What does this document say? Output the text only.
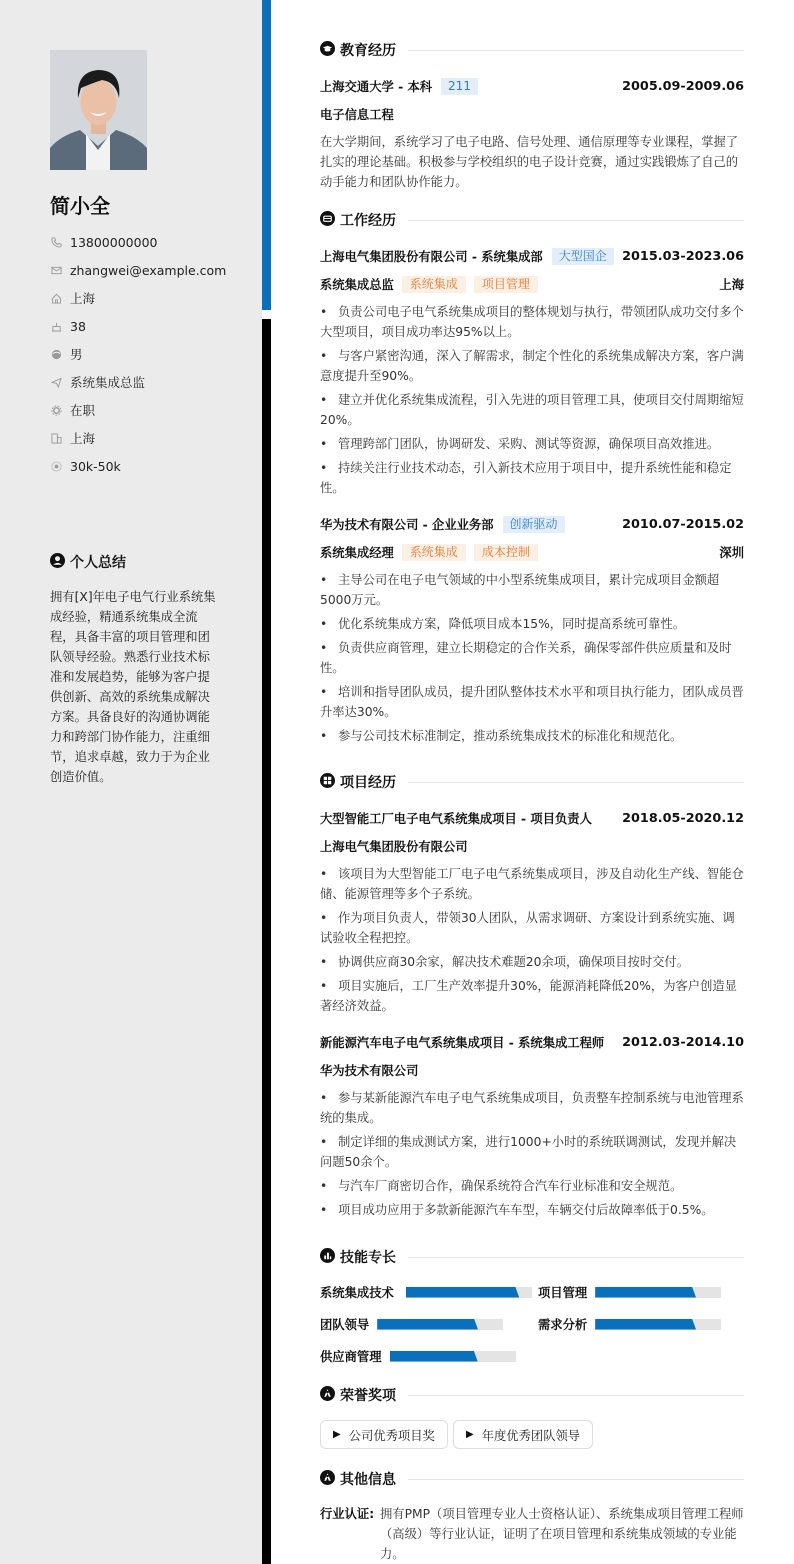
简小全
13800000000
zhangwei@example.com
上海
38
男
系统集成总监
在职
上海
30k-50k
个人总结
拥有[X]年电子电气行业系统集成经验，精通系统集成全流程，具备丰富的项目管理和团队领导经验。熟悉行业技术标准和发展趋势，能够为客户提供创新、高效的系统集成解决方案。具备良好的沟通协调能力和跨部门协作能力，注重细节，追求卓越，致力于为企业创造价值。
教育经历
上海交通大学 - 本科	211	2005.09-2009.06
电子信息工程
在大学期间，系统学习了电子电路、信号处理、通信原理等专业课程，掌握了扎实的理论基础。积极参与学校组织的电子设计竞赛，通过实践锻炼了自己的动手能力和团队协作能力。
工作经历
上海电气集团股份有限公司 - 系统集成部	大型国企	2015.03-2023.06
系统集成总监	系统集成	项目管理	上海
• 负责公司电子电气系统集成项目的整体规划与执行，带领团队成功交付多个大型项目，项目成功率达95%以上。
• 与客户紧密沟通，深入了解需求，制定个性化的系统集成解决方案，客户满意度提升至90%。
• 建立并优化系统集成流程，引入先进的项目管理工具，使项目交付周期缩短20%。
• 管理跨部门团队，协调研发、采购、测试等资源，确保项目高效推进。
• 持续关注行业技术动态，引入新技术应用于项目中，提升系统性能和稳定性。
华为技术有限公司 - 企业业务部	创新驱动	2010.07-2015.02
系统集成经理	系统集成	成本控制	深圳
• 主导公司在电子电气领域的中小型系统集成项目，累计完成项目金额超5000万元。
• 优化系统集成方案，降低项目成本15%，同时提高系统可靠性。
• 负责供应商管理，建立长期稳定的合作关系，确保零部件供应质量和及时性。
• 培训和指导团队成员，提升团队整体技术水平和项目执行能力，团队成员晋升率达30%。
• 参与公司技术标准制定，推动系统集成技术的标准化和规范化。
项目经历
大型智能工厂电子电气系统集成项目 - 项目负责人 2018.05-2020.12
上海电气集团股份有限公司
• 该项目为大型智能工厂电子电气系统集成项目，涉及自动化生产线、智能仓储、能源管理等多个子系统。
• 作为项目负责人，带领30人团队，从需求调研、方案设计到系统实施、调试验收全程把控。
• 协调供应商30余家，解决技术难题20余项，确保项目按时交付。
• 项目实施后，工厂生产效率提升30%，能源消耗降低20%，为客户创造显著经济效益。
新能源汽车电子电气系统集成项目 - 系统集成工程师 2012.03-2014.10
华为技术有限公司
• 参与某新能源汽车电子电气系统集成项目，负责整车控制系统与电池管理系统的集成。
• 制定详细的集成测试方案，进行1000+小时的系统联调测试，发现并解决问题50余个。
• 与汽车厂商密切合作，确保系统符合汽车行业标准和安全规范。
• 项目成功应用于多款新能源汽车车型，车辆交付后故障率低于0.5%。
技能专长
系统集成技术	项目管理
团队领导	需求分析
供应商管理
荣誉奖项
▶ 公司优秀项目奖	▶ 年度优秀团队领导
其他信息
行业认证: 拥有PMP（项目管理专业人士资格认证）、系统集成项目管理工程师（高级）等行业认证，证明了在项目管理和系统集成领域的专业能力。
